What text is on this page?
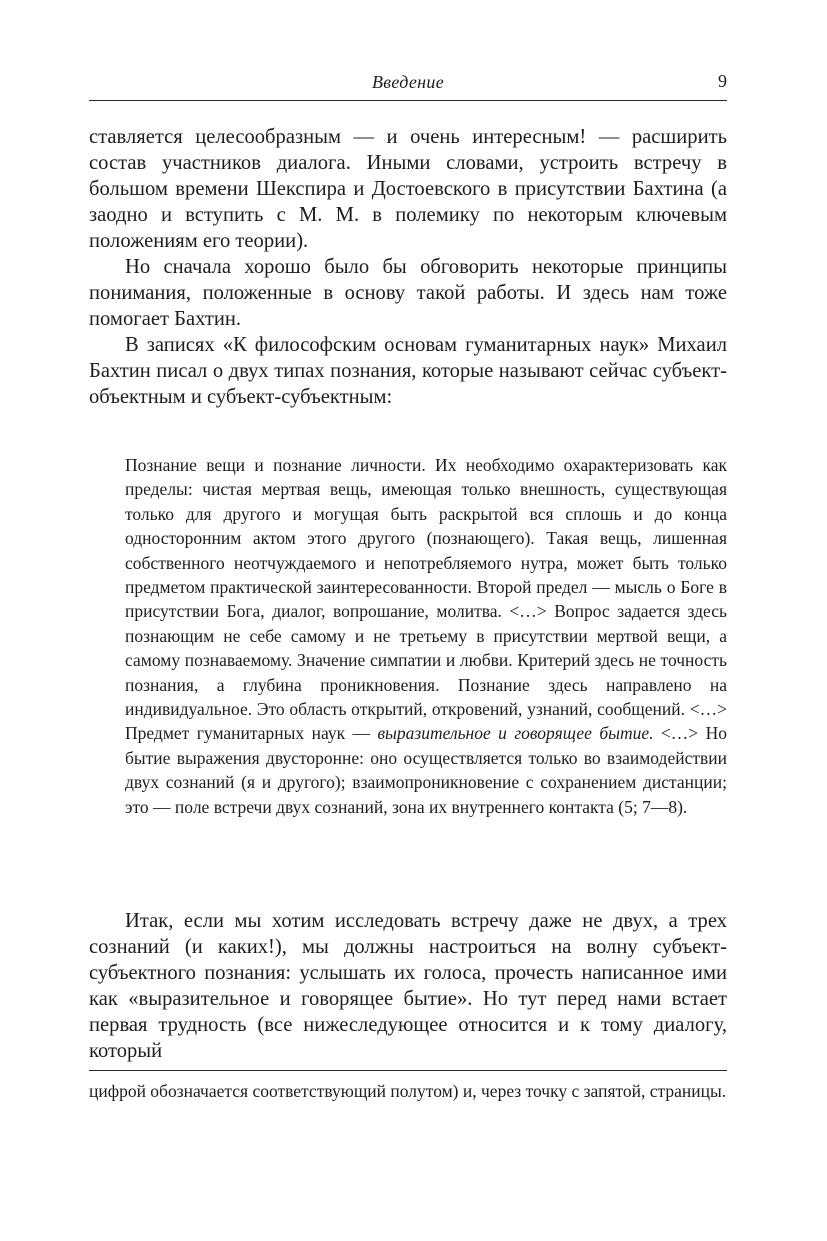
Введение	9

ставляется целесообразным — и очень интересным! — расширить состав участников диалога. Иными словами, устроить встречу в большом времени Шекспира и Достоевского в присутствии Бахтина (а заодно и вступить с М. М. в полемику по некоторым ключевым положениям его теории).

Но сначала хорошо было бы обговорить некоторые принципы понимания, положенные в основу такой работы. И здесь нам тоже помогает Бахтин.

В записях «К философским основам гуманитарных наук» Михаил Бахтин писал о двух типах познания, которые называют сейчас субъект-объектным и субъект-субъектным:

Познание вещи и познание личности. Их необходимо охарактеризовать как пределы: чистая мертвая вещь, имеющая только внешность, существующая только для другого и могущая быть раскрытой вся сплошь и до конца односторонним актом этого другого (познающего). Такая вещь, лишенная собственного неотчуждаемого и непотребляемого нутра, может быть только предметом практической заинтересованности. Второй предел — мысль о Боге в присутствии Бога, диалог, вопрошание, молитва. <…> Вопрос задается здесь познающим не себе самому и не третьему в присутствии мертвой вещи, а самому познаваемому. Значение симпатии и любви. Критерий здесь не точность познания, а глубина проникновения. Познание здесь направлено на индивидуальное. Это область открытий, откровений, узнаний, сообщений. <…> Предмет гуманитарных наук — выразительное и говорящее бытие. <…> Но бытие выражения двусторонне: оно осуществляется только во взаимодействии двух сознаний (я и другого); взаимопроникновение с сохранением дистанции; это — поле встречи двух сознаний, зона их внутреннего контакта (5; 7—8).

Итак, если мы хотим исследовать встречу даже не двух, а трех сознаний (и каких!), мы должны настроиться на волну субъект-субъектного познания: услышать их голоса, прочесть написанное ими как «выразительное и говорящее бытие». Но тут перед нами встает первая трудность (все нижеследующее относится и к тому диалогу, который

цифрой обозначается соответствующий полутом) и, через точку с запятой, страницы.
